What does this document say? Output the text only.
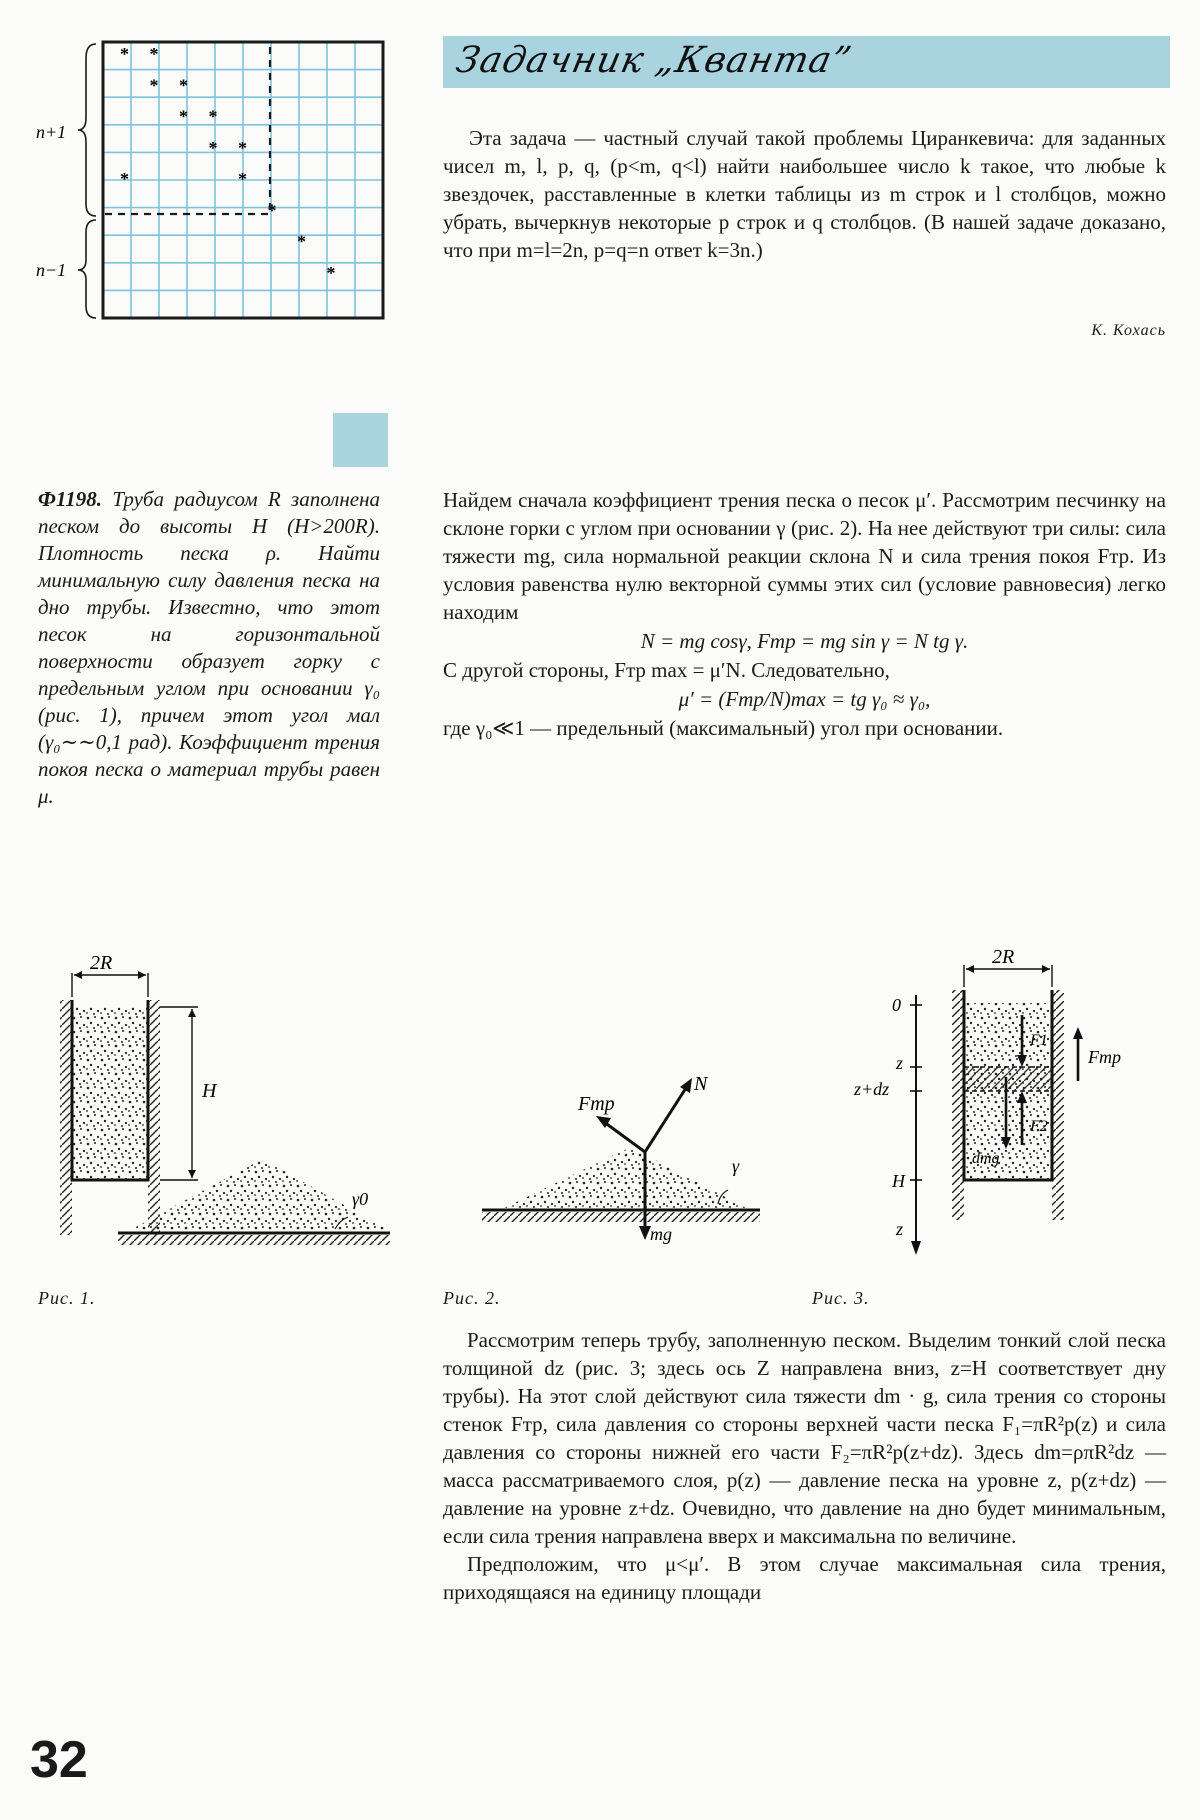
* *
* *
* *
* *
*	*
*
*
*
n+1
n−1
Задачник „Кванта”

Эта задача — частный случай такой проблемы Циранкевича: для заданных чисел m, l, p, q, (p<m, q<l) найти наибольшее число k такое, что любые k звездочек, расставленные в клетки таблицы из m строк и l столбцов, можно убрать, вычеркнув некоторые p строк и q столбцов. (В нашей задаче доказано, что при m=l=2n, p=q=n ответ k=3n.)

К. Кохась
Ф1198. Труба радиусом R заполнена песком до высоты H (H>200R). Плотность песка ρ. Найти минимальную силу давления песка на дно трубы. Известно, что этот песок на горизонтальной поверхности образует горку с предельным углом при основании γ₀ (рис. 1), причем этот угол мал (γ₀∼∼0,1 рад). Коэффициент трения покоя песка о материал трубы равен μ.

Найдем сначала коэффициент трения песка о песок μ′. Рассмотрим песчинку на склоне горки с углом при основании γ (рис. 2). На нее действуют три силы: сила тяжести mg, сила нормальной реакции склона N и сила трения покоя Fтр. Из условия равенства нулю векторной суммы этих сил (условие равновесия) легко находим

N = mg cosγ, Fтр = mg sin γ = N tg γ.

С другой стороны, Fтр max = μ′N. Следовательно,

μ′ = (Fтр/N)max = tg γ₀ ≈ γ₀,

где γ₀≪1 — предельный (максимальный) угол при основании.

2R
H
γ0
N
Fтр
mg
γ
2R
0
z
z+dz
H
z
F1
F2
dmg
Fтр
Рис. 1.	Рис. 2.	Рис. 3.

Рассмотрим теперь трубу, заполненную песком. Выделим тонкий слой песка толщиной dz (рис. 3; здесь ось Z направлена вниз, z=H соответствует дну трубы). На этот слой действуют сила тяжести dm · g, сила трения со стороны стенок Fтр, сила давления со стороны верхней части песка F₁=πR²p(z) и сила давления со стороны нижней его части F₂=πR²p(z+dz). Здесь dm=ρπR²dz — масса рассматриваемого слоя, p(z) — давление песка на уровне z, p(z+dz) — давление на уровне z+dz. Очевидно, что давление на дно будет минимальным, если сила трения направлена вверх и максимальна по величине.

Предположим, что μ<μ′. В этом случае максимальная сила трения, приходящаяся на единицу площади

32
